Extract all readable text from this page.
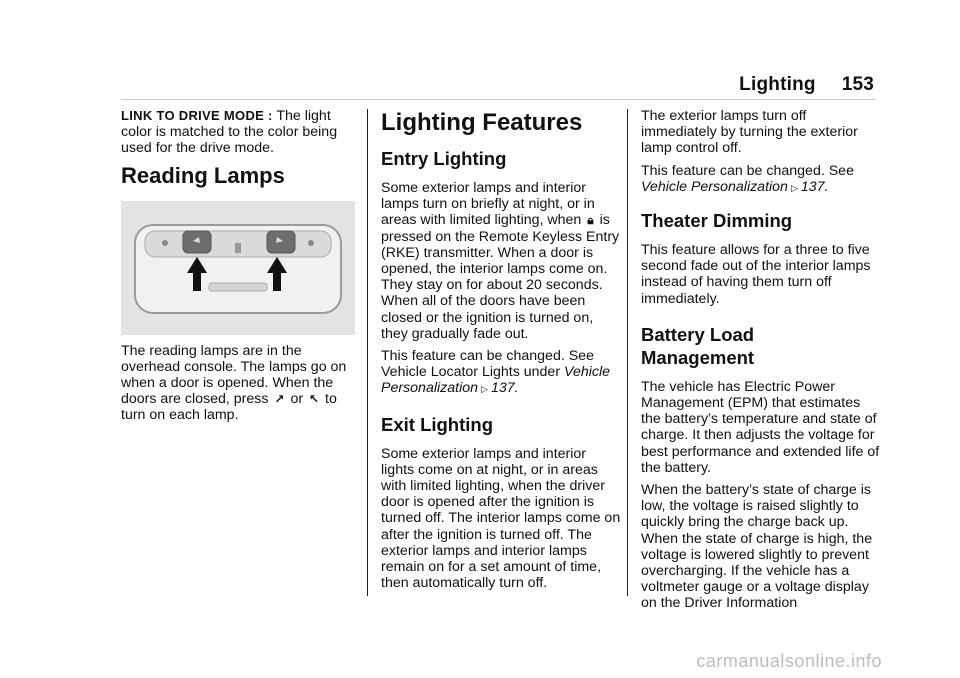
Lighting 153

LINK TO DRIVE MODE : The light color is matched to the color being used for the drive mode.

Reading Lamps

The reading lamps are in the overhead console. The lamps go on when a door is opened. When the doors are closed, press ↗ or ↖ to turn on each lamp.

Lighting Features
Entry Lighting

Some exterior lamps and interior lamps turn on briefly at night, or in areas with limited lighting, when 🔒︎ is pressed on the Remote Keyless Entry (RKE) transmitter. When a door is opened, the interior lamps come on. They stay on for about 20 seconds. When all of the doors have been closed or the ignition is turned on, they gradually fade out.

This feature can be changed. See Vehicle Locator Lights under Vehicle Personalization ▷ 137.

Exit Lighting

Some exterior lamps and interior lights come on at night, or in areas with limited lighting, when the driver door is opened after the ignition is turned off. The interior lamps come on after the ignition is turned off. The exterior lamps and interior lamps remain on for a set amount of time, then automatically turn off.

The exterior lamps turn off immediately by turning the exterior lamp control off.

This feature can be changed. See Vehicle Personalization ▷ 137.

Theater Dimming

This feature allows for a three to five second fade out of the interior lamps instead of having them turn off immediately.

Battery Load Management

The vehicle has Electric Power Management (EPM) that estimates the battery’s temperature and state of charge. It then adjusts the voltage for best performance and extended life of the battery.

When the battery’s state of charge is low, the voltage is raised slightly to quickly bring the charge back up. When the state of charge is high, the voltage is lowered slightly to prevent overcharging. If the vehicle has a voltmeter gauge or a voltage display on the Driver Information

carmanualsonline.info
